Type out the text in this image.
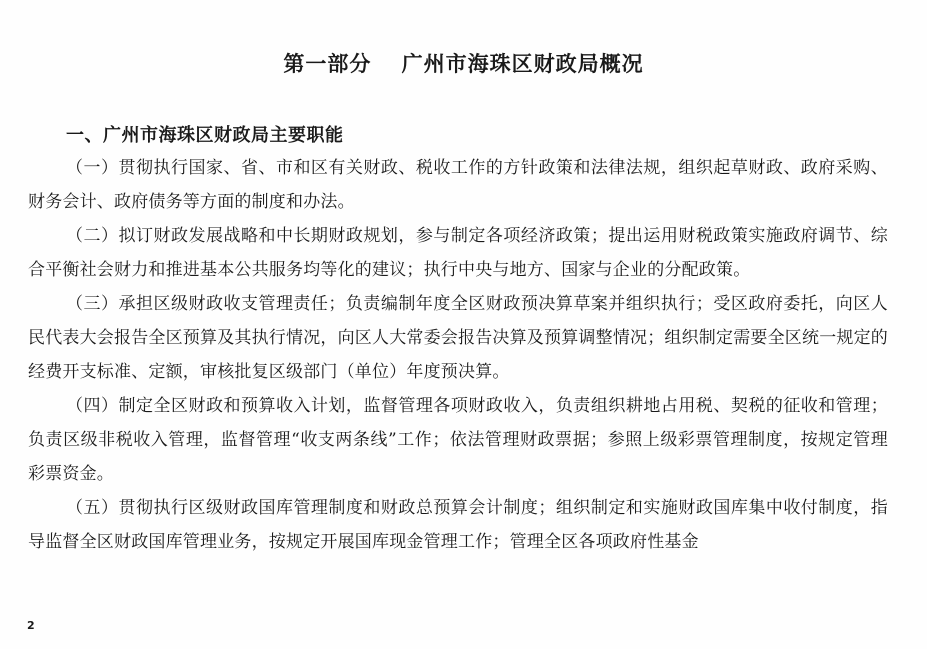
第一部分　 广州市海珠区财政局概况
一、广州市海珠区财政局主要职能

（一）贯彻执行国家、省、市和区有关财政、税收工作的方针政策和法律法规，组织起草财政、政府采购、财务会计、政府债务等方面的制度和办法。

（二）拟订财政发展战略和中长期财政规划，参与制定各项经济政策；提出运用财税政策实施政府调节、综合平衡社会财力和推进基本公共服务均等化的建议；执行中央与地方、国家与企业的分配政策。

（三）承担区级财政收支管理责任；负责编制年度全区财政预决算草案并组织执行；受区政府委托，向区人民代表大会报告全区预算及其执行情况，向区人大常委会报告决算及预算调整情况；组织制定需要全区统一规定的经费开支标准、定额，审核批复区级部门（单位）年度预决算。

（四）制定全区财政和预算收入计划，监督管理各项财政收入，负责组织耕地占用税、契税的征收和管理；负责区级非税收入管理，监督管理“收支两条线”工作；依法管理财政票据；参照上级彩票管理制度，按规定管理彩票资金。

（五）贯彻执行区级财政国库管理制度和财政总预算会计制度；组织制定和实施财政国库集中收付制度，指导监督全区财政国库管理业务，按规定开展国库现金管理工作；管理全区各项政府性基金

2
